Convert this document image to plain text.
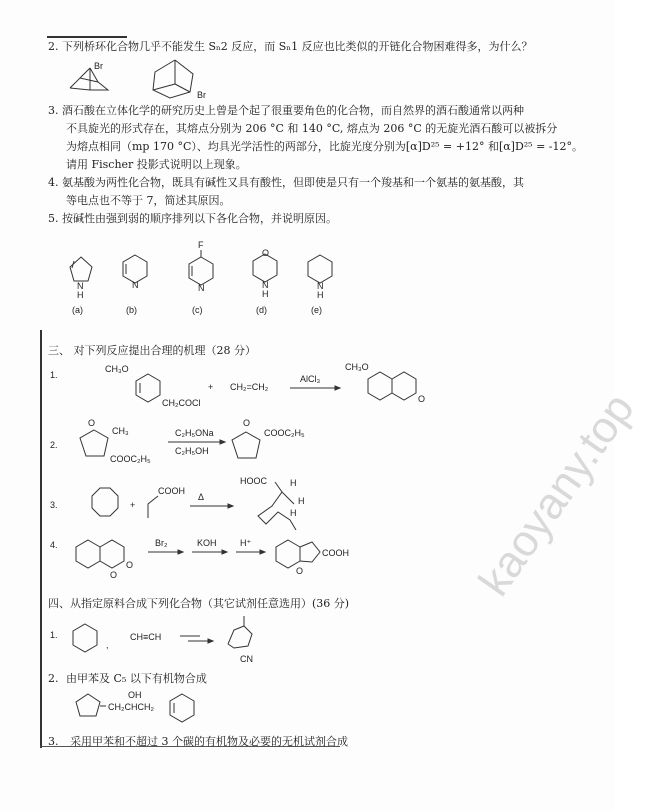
kaoyany.top
2. 下列桥环化合物几乎不能发生 Sₙ2 反应，而 Sₙ1 反应也比类似的开链化合物困难得多，为什么？
Br
Br
3. 酒石酸在立体化学的研究历史上曾是个起了很重要角色的化合物，而自然界的酒石酸通常以两种
不具旋光的形式存在，其熔点分别为 206 °C 和 140 °C, 熔点为 206 °C 的无旋光酒石酸可以被拆分
为熔点相同（mp 170 °C）、均具光学活性的两部分，比旋光度分别为[α]D²⁵ = +12° 和[α]D²⁵ = -12°。
请用 Fischer 投影式说明以上现象。
4. 氨基酸为两性化合物，既具有碱性又具有酸性，但即使是只有一个羧基和一个氨基的氨基酸，其
等电点也不等于 7，简述其原因。
5. 按碱性由强到弱的顺序排列以下各化合物，并说明原因。
N
H
(a)
N
(b)
F
N
(c)
O
N
H
(d)
N
H
(e)
三、 对下列反应提出合理的机理（28 分）
1.
CH₃O
CH₂COCl
+ CH₂=CH₂
AlCl₃
CH₃O
O
2.
O
CH₃
COOC₂H₅
C₂H₅ONa
C₂H₅OH
O
COOC₂H₅
3.	+
COOH
Δ
HOOC	H
H
H
4.
O
O
Br₂	KOH	H⁺
COOH
O
四、从指定原料合成下列化合物（其它试剂任意选用）(36 分)
1.
,
CH≡CH
CN
2. 由甲苯及 C₅ 以下有机物合成
OH
CH₂CHCH₂
3. 采用甲苯和不超过 3 个碳的有机物及必要的无机试剂合成
